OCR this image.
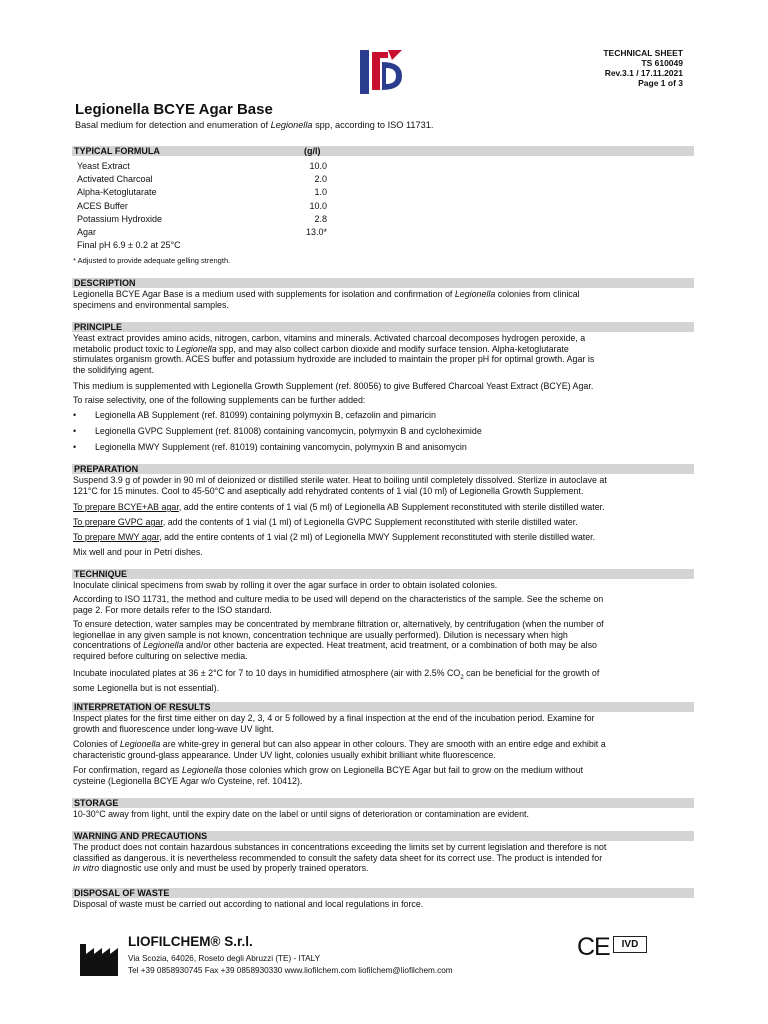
TECHNICAL SHEET
TS 610049
Rev.3.1 / 17.11.2021
Page 1 of 3
Legionella BCYE Agar Base
Basal medium for detection and enumeration of Legionella spp, according to ISO 11731.
TYPICAL FORMULA	(g/l)
Yeast Extract	10.0
Activated Charcoal	2.0
Alpha-Ketoglutarate	1.0
ACES Buffer	10.0
Potassium Hydroxide	2.8
Agar	13.0*
Final pH 6.9 ± 0.2 at 25°C
* Adjusted to provide adequate gelling strength.
DESCRIPTION
Legionella BCYE Agar Base is a medium used with supplements for isolation and confirmation of Legionella colonies from clinical
specimens and environmental samples.
PRINCIPLE
Yeast extract provides amino acids, nitrogen, carbon, vitamins and minerals. Activated charcoal decomposes hydrogen peroxide, a
metabolic product toxic to Legionella spp, and may also collect carbon dioxide and modify surface tension. Alpha-ketoglutarate
stimulates organism growth. ACES buffer and potassium hydroxide are included to maintain the proper pH for optimal growth. Agar is
the solidifying agent.
This medium is supplemented with Legionella Growth Supplement (ref. 80056) to give Buffered Charcoal Yeast Extract (BCYE) Agar.
To raise selectivity, one of the following supplements can be further added:
• Legionella AB Supplement (ref. 81099) containing polymyxin B, cefazolin and pimaricin
• Legionella GVPC Supplement (ref. 81008) containing vancomycin, polymyxin B and cycloheximide
• Legionella MWY Supplement (ref. 81019) containing vancomycin, polymyxin B and anisomycin
PREPARATION
Suspend 3.9 g of powder in 90 ml of deionized or distilled sterile water. Heat to boiling until completely dissolved. Sterlize in autoclave at
121°C for 15 minutes. Cool to 45-50°C and aseptically add rehydrated contents of 1 vial (10 ml) of Legionella Growth Supplement.
To prepare BCYE+AB agar, add the entire contents of 1 vial (5 ml) of Legionella AB Supplement reconstituted with sterile distilled water.
To prepare GVPC agar, add the contents of 1 vial (1 ml) of Legionella GVPC Supplement reconstituted with sterile distilled water.
To prepare MWY agar, add the entire contents of 1 vial (2 ml) of Legionella MWY Supplement reconstituted with sterile distilled water.
Mix well and pour in Petri dishes.
TECHNIQUE
Inoculate clinical specimens from swab by rolling it over the agar surface in order to obtain isolated colonies.
According to ISO 11731, the method and culture media to be used will depend on the characteristics of the sample. See the scheme on
page 2. For more details refer to the ISO standard.
To ensure detection, water samples may be concentrated by membrane filtration or, alternatively, by centrifugation (when the number of
legionellae in any given sample is not known, concentration technique are usually performed). Dilution is necessary when high
concentrations of Legionella and/or other bacteria are expected. Heat treatment, acid treatment, or a combination of both may be also
required before culturing on selective media.
Incubate inoculated plates at 36 ± 2°C for 7 to 10 days in humidified atmosphere (air with 2.5% $CO_2$ can be beneficial for the growth of
some Legionella but is not essential).
INTERPRETATION OF RESULTS
Inspect plates for the first time either on day 2, 3, 4 or 5 followed by a final inspection at the end of the incubation period. Examine for
growth and fluorescence under long-wave UV light.
Colonies of Legionella are white-grey in general but can also appear in other colours. They are smooth with an entire edge and exhibit a
characteristic ground-glass appearance. Under UV light, colonies usually exhibit brilliant white fluorescence.
For confirmation, regard as Legionella those colonies which grow on Legionella BCYE Agar but fail to grow on the medium without
cysteine (Legionella BCYE Agar w/o Cysteine, ref. 10412).
STORAGE
10-30°C away from light, until the expiry date on the label or until signs of deterioration or contamination are evident.
WARNING AND PRECAUTIONS
The product does not contain hazardous substances in concentrations exceeding the limits set by current legislation and therefore is not
classified as dangerous. it is nevertheless recommended to consult the safety data sheet for its correct use. The product is intended for
in vitro diagnostic use only and must be used by properly trained operators.
DISPOSAL OF WASTE
Disposal of waste must be carried out according to national and local regulations in force.
LIOFILCHEM® S.r.l.
Via Scozia, 64026, Roseto degli Abruzzi (TE) - ITALY
Tel +39 0858930745 Fax +39 0858930330 www.liofilchem.com liofilchem@liofilchem.com
CE	IVD
